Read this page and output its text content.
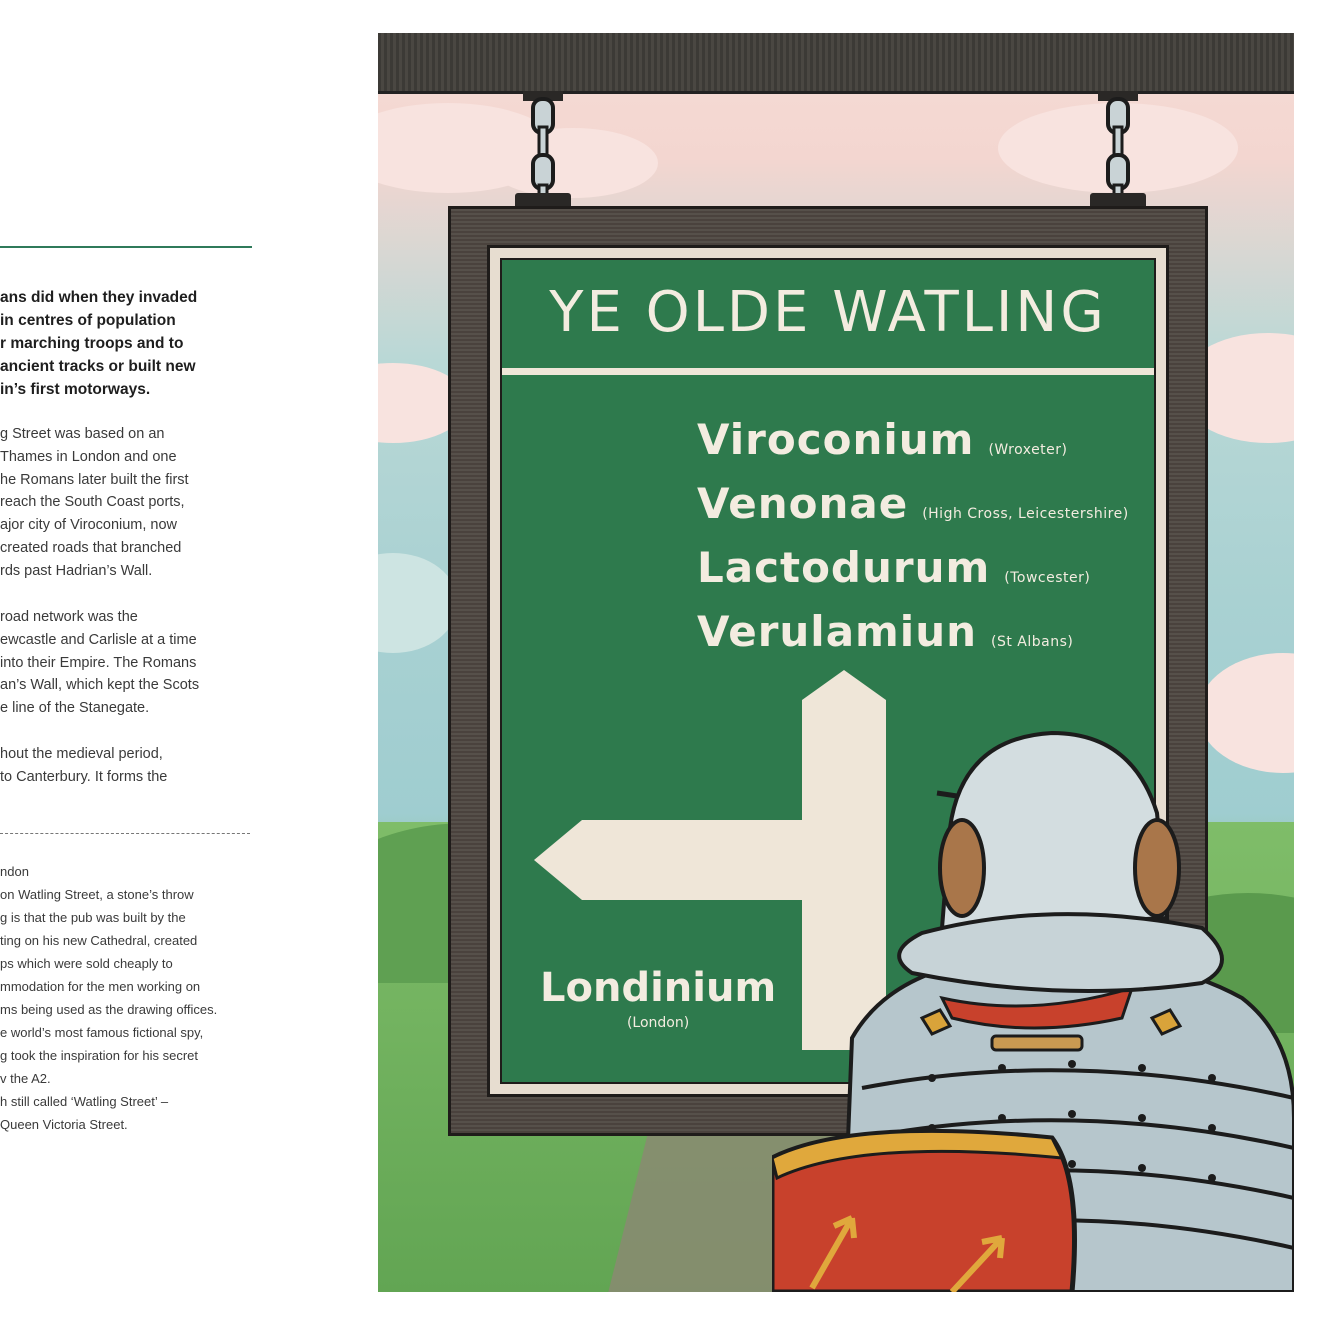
ans did when they invaded
in centres of population
r marching troops and to
ancient tracks or built new
in’s first motorways.

g Street was based on an
Thames in London and one
he Romans later built the first
reach the South Coast ports,
ajor city of Viroconium, now
created roads that branched
rds past Hadrian’s Wall.

road network was the
ewcastle and Carlisle at a time
into their Empire. The Romans
an’s Wall, which kept the Scots
e line of the Stanegate.

hout the medieval period,
to Canterbury. It forms the

ndon
on Watling Street, a stone’s throw
g is that the pub was built by the
ting on his new Cathedral, created
ps which were sold cheaply to
mmodation for the men working on
ms being used as the drawing offices.
e world’s most famous fictional spy,
g took the inspiration for his secret
v the A2.
h still called ‘Watling Street’ –
Queen Victoria Street.

YE OLDE WATLING
Viroconium (Wroxeter)
Venonae (High Cross, Leicestershire)
Lactodurum (Towcester)
Verulamiun (St Albans)
Londinium
(London)
